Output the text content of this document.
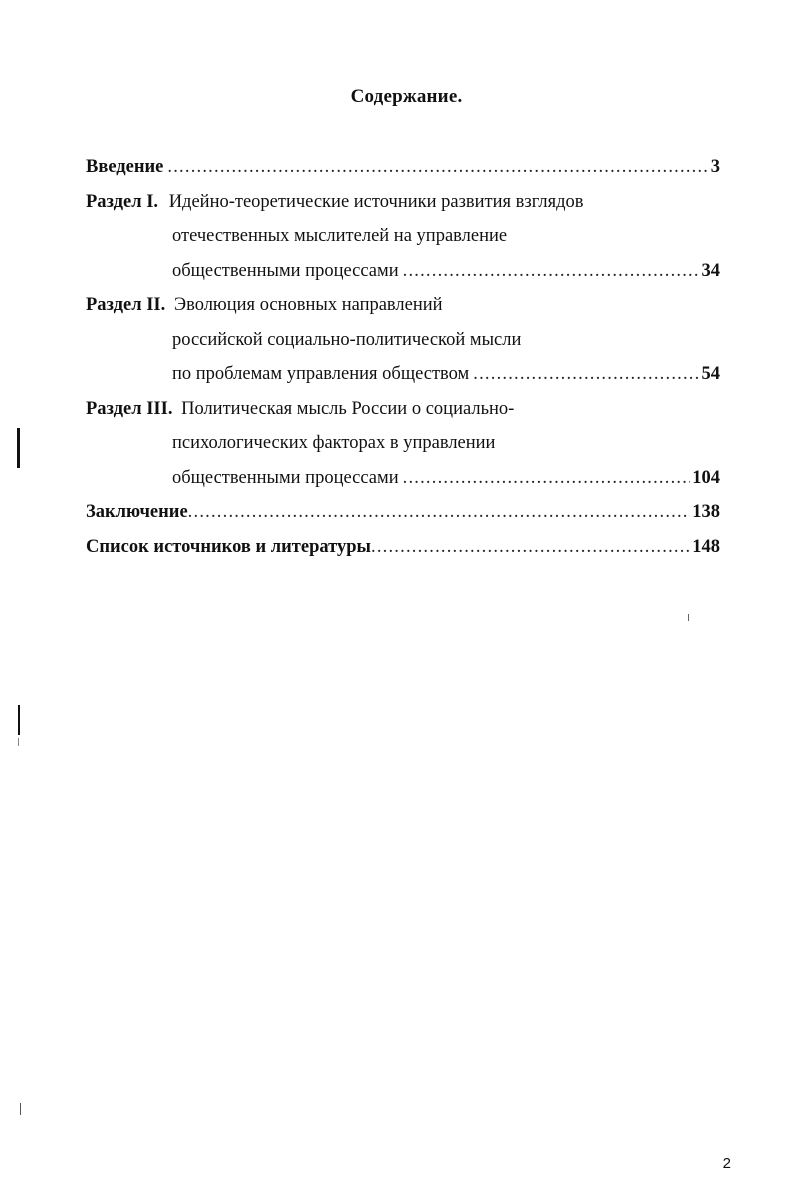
Содержание.
Введение .....	3
Раздел I. Идейно-теоретические источники развития взглядов
отечественных мыслителей на управление
общественными процессами .....	34
Раздел II. Эволюция основных направлений
российской социально-политической мысли
по проблемам управления обществом .....	54
Раздел III. Политическая мысль России о социально-
психологических факторах в управлении
общественными процессами .....	104
Заключение .....	138
Список источников и литературы .....	148
2
